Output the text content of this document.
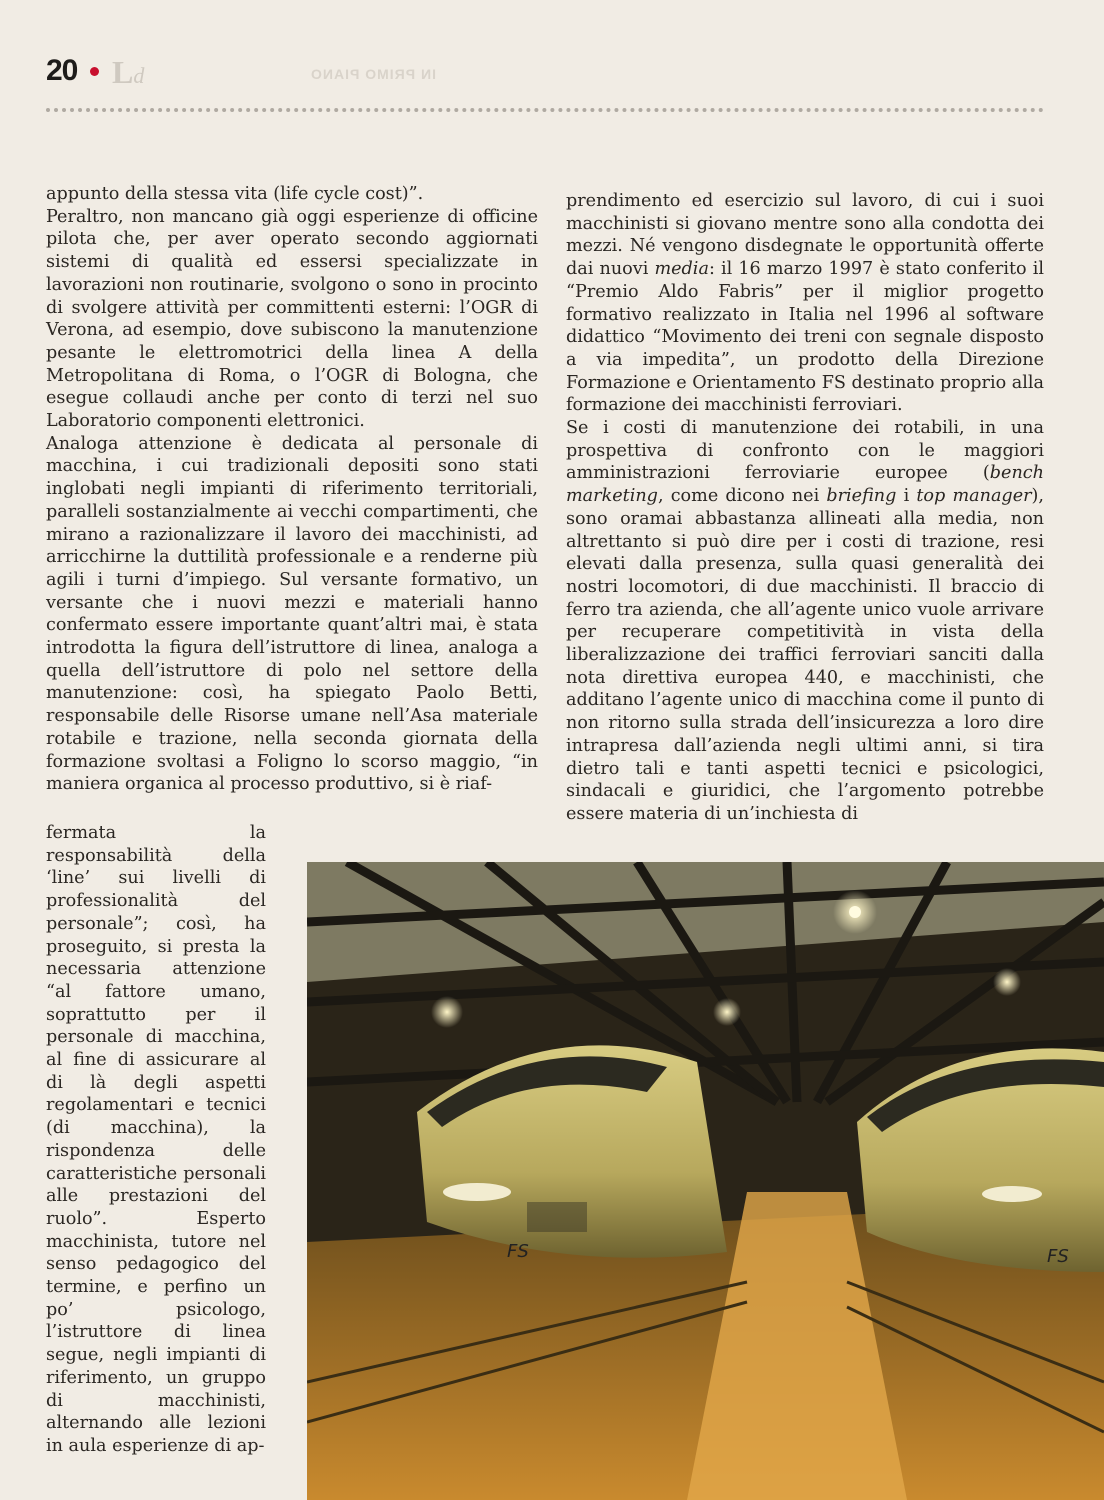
20 Ld	IN PRIMO PIANO
appunto della stessa vita (life cycle cost)”.
Peraltro, non mancano già oggi esperienze di officine pilota che, per aver operato secondo aggiornati sistemi di qualità ed essersi specializzate in lavorazioni non routinarie, svolgono o sono in procinto di svolgere attività per committenti esterni: l’OGR di Verona, ad esempio, dove subiscono la manutenzione pesante le elettromotrici della linea A della Metropolitana di Roma, o l’OGR di Bologna, che esegue collaudi anche per conto di terzi nel suo Laboratorio componenti elettronici.
Analoga attenzione è dedicata al personale di macchina, i cui tradizionali depositi sono stati inglobati negli impianti di riferimento territoriali, paralleli sostanzialmente ai vecchi compartimenti, che mirano a razionalizzare il lavoro dei macchinisti, ad arricchirne la duttilità professionale e a renderne più agili i turni d’impiego. Sul versante formativo, un versante che i nuovi mezzi e materiali hanno confermato essere importante quant’altri mai, è stata introdotta la figura dell’istruttore di linea, analoga a quella dell’istruttore di polo nel settore della manutenzione: così, ha spiegato Paolo Betti, responsabile delle Risorse umane nell’Asa materiale rotabile e trazione, nella seconda giornata della formazione svoltasi a Foligno lo scorso maggio, “in maniera organica al processo produttivo, si è riaf-
fermata la responsabilità della ‘line’ sui livelli di professionalità del personale”; così, ha proseguito, si presta la necessaria attenzione “al fattore umano, soprattutto per il personale di macchina, al fine di assicurare al di là degli aspetti regolamentari e tecnici (di macchina), la rispondenza delle caratteristiche personali alle prestazioni del ruolo”. Esperto macchinista, tutore nel senso pedagogico del termine, e perfino un po’ psicologo, l’istruttore di linea segue, negli impianti di riferimento, un gruppo di macchinisti, alternando alle lezioni in aula esperienze di ap-
prendimento ed esercizio sul lavoro, di cui i suoi macchinisti si giovano mentre sono alla condotta dei mezzi. Né vengono disdegnate le opportunità offerte dai nuovi media: il 16 marzo 1997 è stato conferito il “Premio Aldo Fabris” per il miglior progetto formativo realizzato in Italia nel 1996 al software didattico “Movimento dei treni con segnale disposto a via impedita”, un prodotto della Direzione Formazione e Orientamento FS destinato proprio alla formazione dei macchinisti ferroviari.
Se i costi di manutenzione dei rotabili, in una prospettiva di confronto con le maggiori amministrazioni ferroviarie europee (bench marketing, come dicono nei briefing i top manager), sono oramai abbastanza allineati alla media, non altrettanto si può dire per i costi di trazione, resi elevati dalla presenza, sulla quasi generalità dei nostri locomotori, di due macchinisti. Il braccio di ferro tra azienda, che all’agente unico vuole arrivare per recuperare competitività in vista della liberalizzazione dei traffici ferroviari sanciti dalla nota direttiva europea 440, e macchinisti, che additano l’agente unico di macchina come il punto di non ritorno sulla strada dell’insicurezza a loro dire intrapresa dall’azienda negli ultimi anni, si tira dietro tali e tanti aspetti tecnici e psicologici, sindacali e giuridici, che l’argomento potrebbe essere materia di un’inchiesta di
FS	FS
